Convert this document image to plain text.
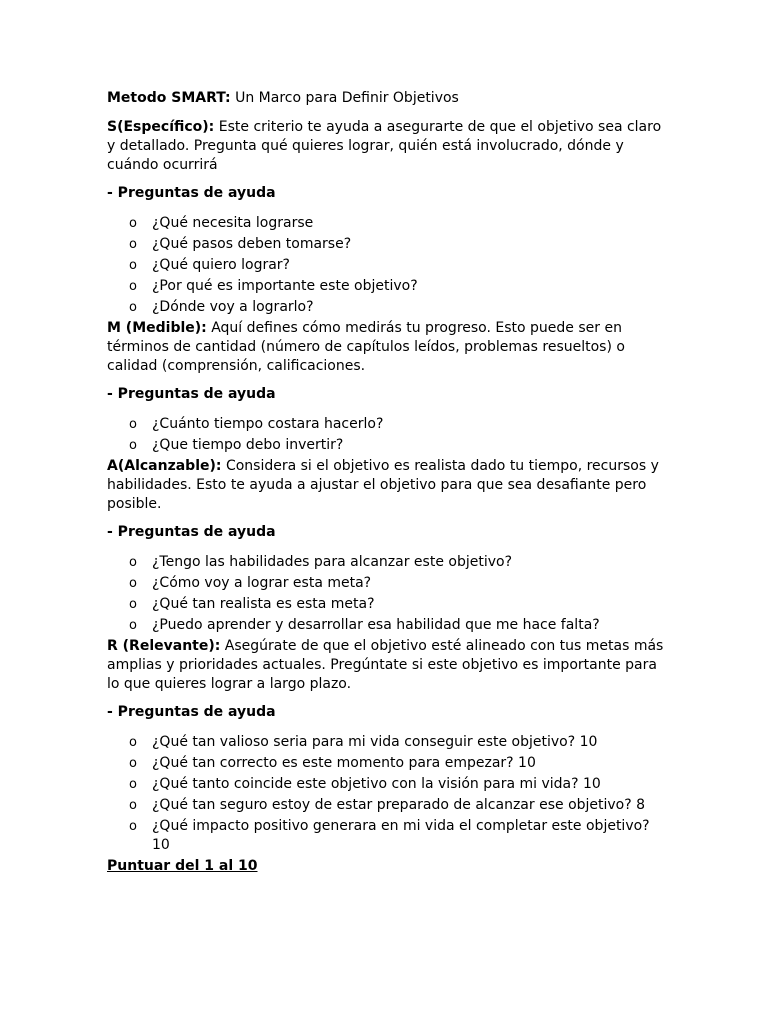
Metodo SMART: Un Marco para Definir Objetivos

S(Específico): Este criterio te ayuda a asegurarte de que el objetivo sea claro y detallado. Pregunta qué quieres lograr, quién está involucrado, dónde y cuándo ocurrirá

- Preguntas de ayuda

o ¿Qué necesita lograrse
o ¿Qué pasos deben tomarse?
o ¿Qué quiero lograr?
o ¿Por qué es importante este objetivo?
o ¿Dónde voy a lograrlo?

M (Medible): Aquí defines cómo medirás tu progreso. Esto puede ser en términos de cantidad (número de capítulos leídos, problemas resueltos) o calidad (comprensión, calificaciones.

- Preguntas de ayuda

o ¿Cuánto tiempo costara hacerlo?
o ¿Que tiempo debo invertir?

A(Alcanzable): Considera si el objetivo es realista dado tu tiempo, recursos y habilidades. Esto te ayuda a ajustar el objetivo para que sea desafiante pero posible.

- Preguntas de ayuda

o ¿Tengo las habilidades para alcanzar este objetivo?
o ¿Cómo voy a lograr esta meta?
o ¿Qué tan realista es esta meta?
o ¿Puedo aprender y desarrollar esa habilidad que me hace falta?

R (Relevante): Asegúrate de que el objetivo esté alineado con tus metas más amplias y prioridades actuales. Pregúntate si este objetivo es importante para lo que quieres lograr a largo plazo.

- Preguntas de ayuda

o ¿Qué tan valioso seria para mi vida conseguir este objetivo? 10
o ¿Qué tan correcto es este momento para empezar? 10
o ¿Qué tanto coincide este objetivo con la visión para mi vida? 10
o ¿Qué tan seguro estoy de estar preparado de alcanzar ese objetivo? 8
o ¿Qué impacto positivo generara en mi vida el completar este objetivo? 10

Puntuar del 1 al 10
